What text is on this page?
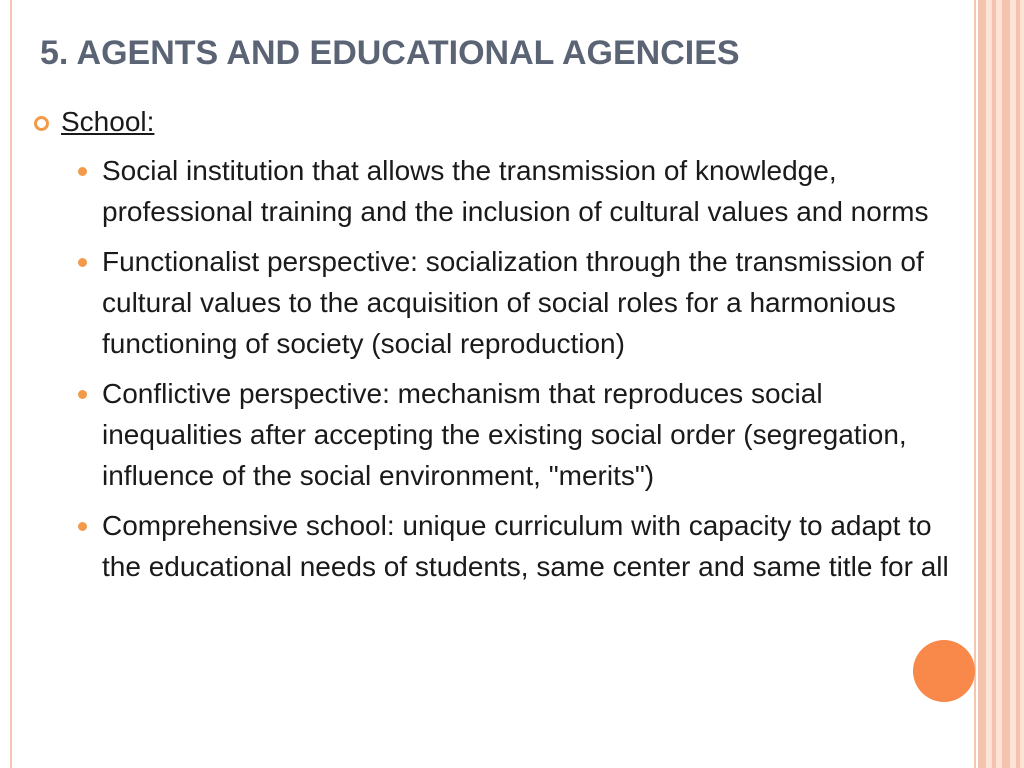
5. AGENTS AND EDUCATIONAL AGENCIES
School:
Social institution that allows the transmission of knowledge, professional training and the inclusion of cultural values and norms
Functionalist perspective: socialization through the transmission of cultural values to the acquisition of social roles for a harmonious functioning of society (social reproduction)
Conflictive perspective: mechanism that reproduces social inequalities after accepting the existing social order (segregation, influence of the social environment, "merits")
Comprehensive school: unique curriculum with capacity to adapt to the educational needs of students, same center and same title for all
